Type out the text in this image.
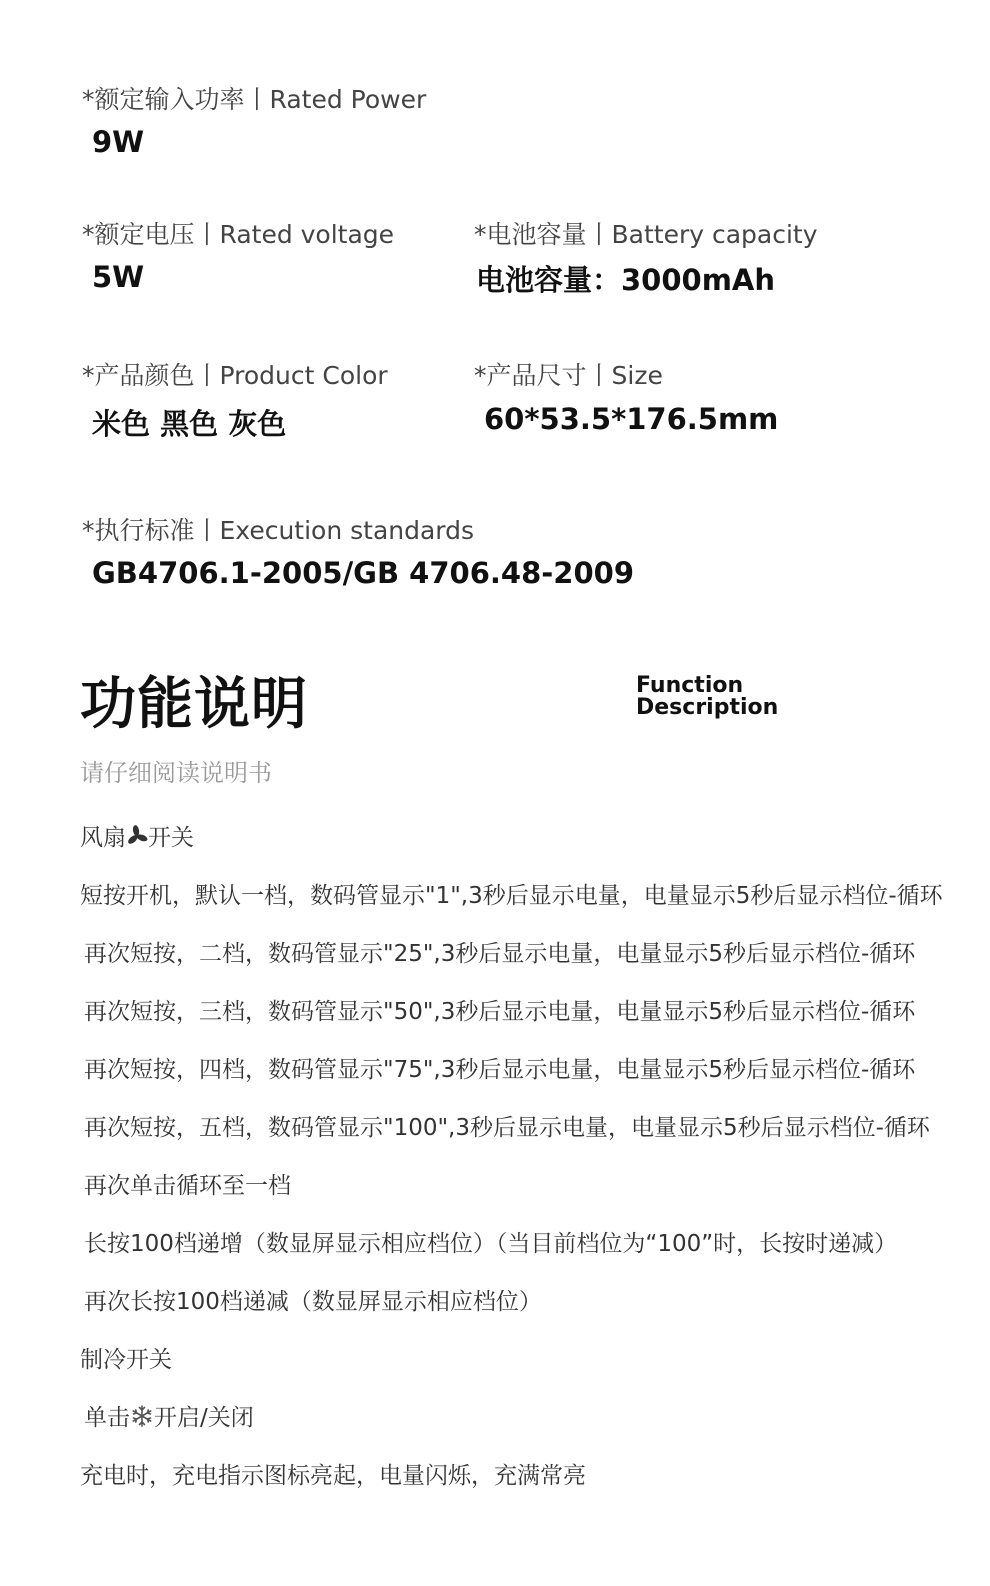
*额定输入功率丨Rated Power
9W
*额定电压丨Rated voltage
5W
*电池容量丨Battery capacity
电池容量：3000mAh
*产品颜色丨Product Color
米色 黑色 灰色
*产品尺寸丨Size
60*53.5*176.5mm
*执行标准丨Execution standards
GB4706.1-2005/GB 4706.48-2009
功能说明	Function
Description
请仔细阅读说明书
风扇 开关
短按开机，默认一档，数码管显示"1",3秒后显示电量，电量显示5秒后显示档位-循环
再次短按，二档，数码管显示"25",3秒后显示电量，电量显示5秒后显示档位-循环
再次短按，三档，数码管显示"50",3秒后显示电量，电量显示5秒后显示档位-循环
再次短按，四档，数码管显示"75",3秒后显示电量，电量显示5秒后显示档位-循环
再次短按，五档，数码管显示"100",3秒后显示电量，电量显示5秒后显示档位-循环
再次单击循环至一档
长按100档递增（数显屏显示相应档位）（当目前档位为“100”时，长按时递减）
再次长按100档递减（数显屏显示相应档位）
制冷开关
单击 开启/关闭
充电时，充电指示图标亮起，电量闪烁，充满常亮
